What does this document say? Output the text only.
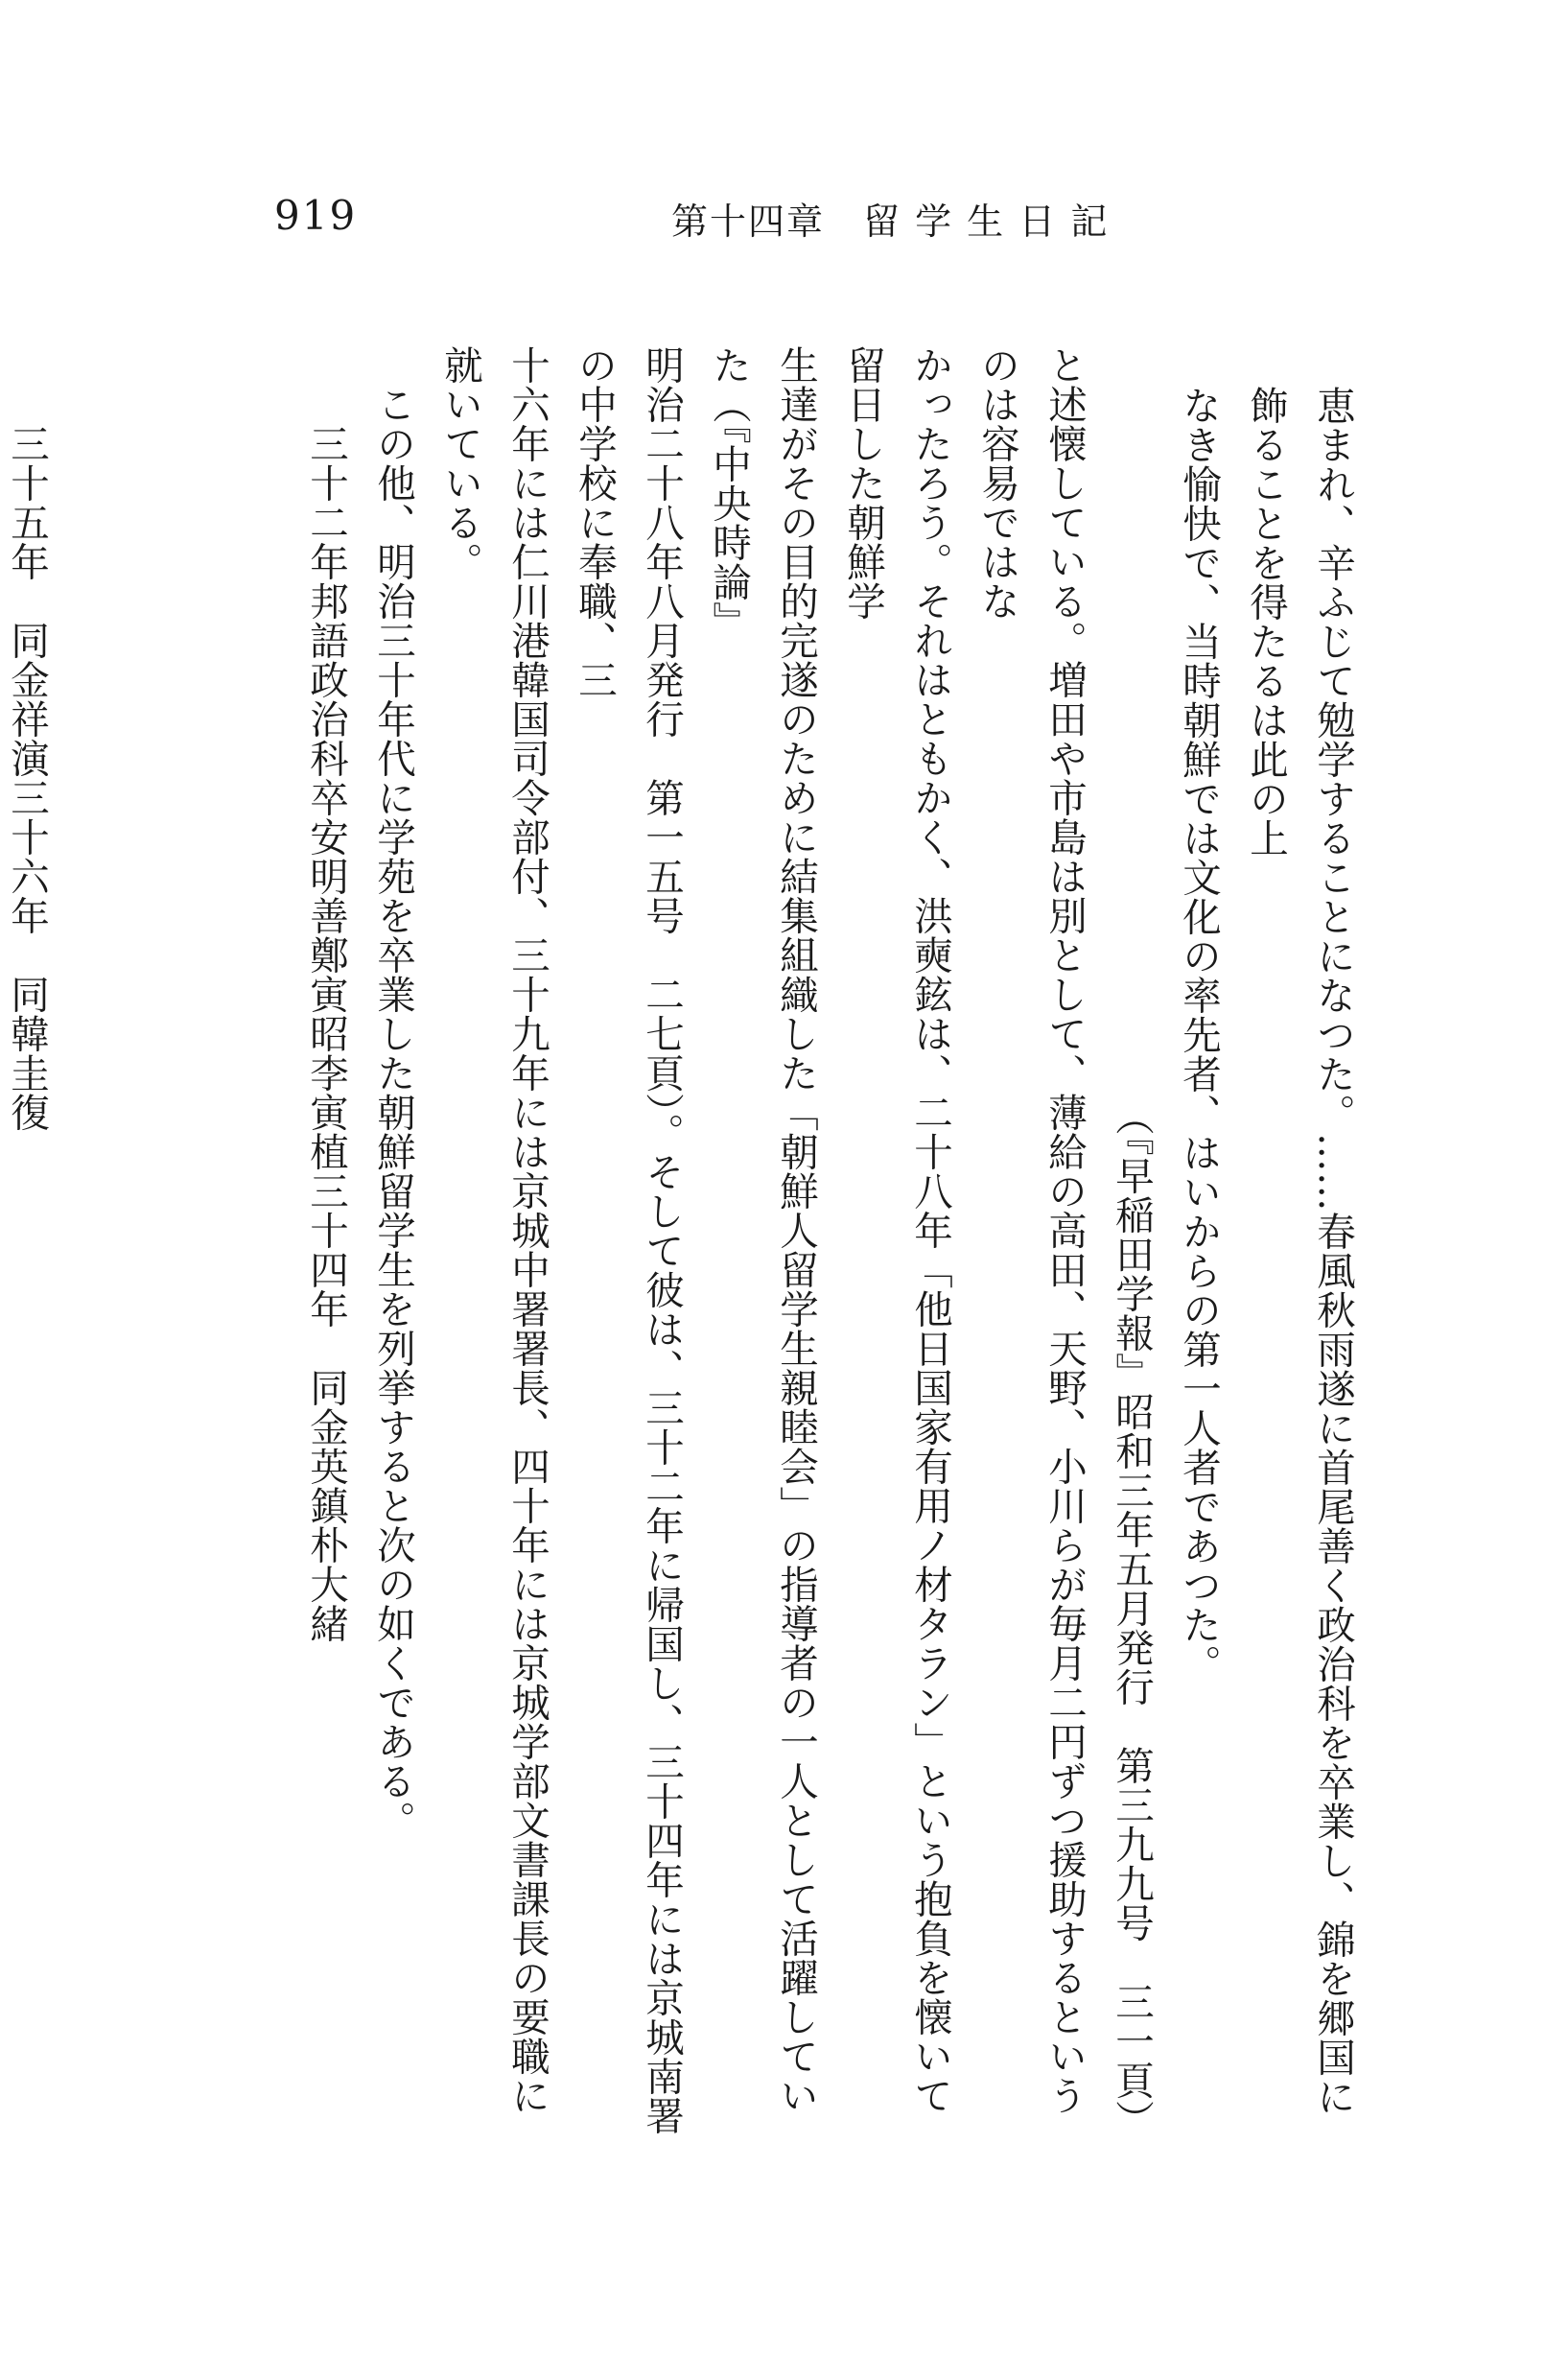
919	第十四章　留 学 生 日 記
恵まれ、辛ふじて勉学することになつた。……春風秋雨遂に首尾善く政治科を卒業し、錦を郷国に飾ることを得たるは此の上
なき愉快で、当時朝鮮では文化の率先者、はいからの第一人者であつた。
（『早稲田学報』昭和三年五月発行　第三九九号　三一頁）
と述懐している。増田や市島は別として、薄給の高田、天野、小川らが毎月二円ずつ援助するというのは容易ではな
かったろう。それはともかく、洪奭鉉は、二十八年「他日国家有用ノ材タラン」という抱負を懐いて留日した朝鮮学
生達がその目的完遂のために結集組織した「朝鮮人留学生親睦会」の指導者の一人として活躍していた（『中央時論』
明治二十八年八月発行　第一五号　二七頁）。そして彼は、三十二年に帰国し、三十四年には京城南署の中学校に奉職、三
十六年には仁川港韓国司令部付、三十九年には京城中署署長、四十年には京城学部文書課長の要職に就いている。
この他、明治三十年代に学苑を卒業した朝鮮留学生を列挙すると次の如くである。
三十二年邦語政治科卒安明善鄭寅昭李寅植三十四年　同金英鎮朴大緒
三十五年　同金祥演三十六年　同韓圭復
